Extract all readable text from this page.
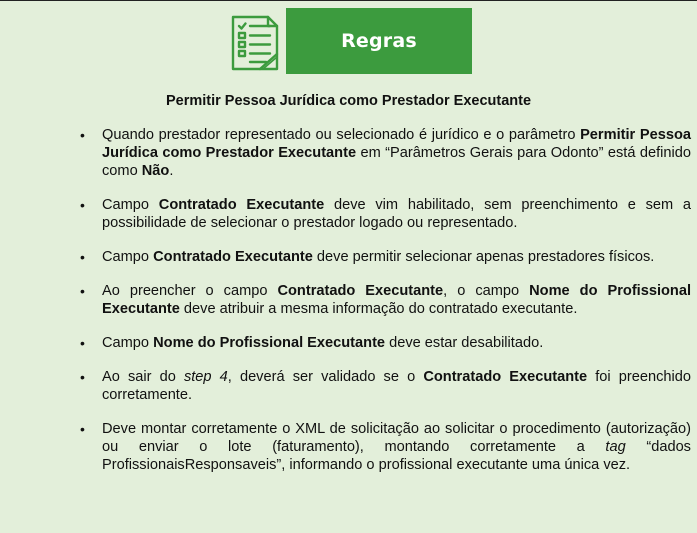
Regras
Permitir Pessoa Jurídica como Prestador Executante
• Quando prestador representado ou selecionado é jurídico e o parâmetro Permitir Pessoa Jurídica como Prestador Executante em “Parâmetros Gerais para Odonto” está definido como Não.
• Campo Contratado Executante deve vim habilitado, sem preenchimento e sem a possibilidade de selecionar o prestador logado ou representado.
• Campo Contratado Executante deve permitir selecionar apenas prestadores físicos.
• Ao preencher o campo Contratado Executante, o campo Nome do Profissional Executante deve atribuir a mesma informação do contratado executante.
• Campo Nome do Profissional Executante deve estar desabilitado.
• Ao sair do step 4, deverá ser validado se o Contratado Executante foi preenchido corretamente.
• Deve montar corretamente o XML de solicitação ao solicitar o procedimento (autorização) ou enviar o lote (faturamento), montando corretamente a tag “dados ProfissionaisResponsaveis”, informando o profissional executante uma única vez.
